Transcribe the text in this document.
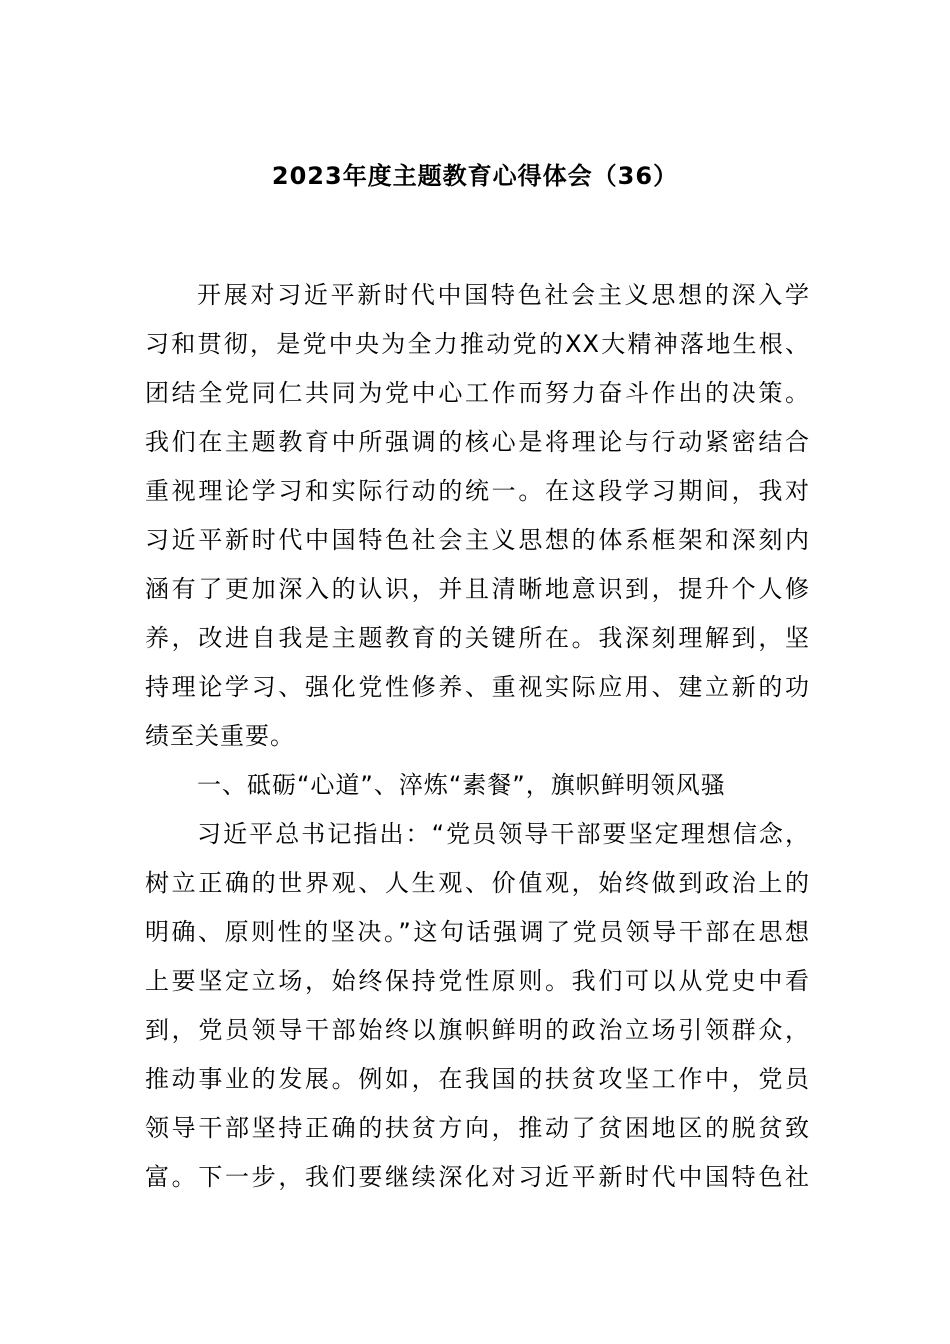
2023年度主题教育心得体会（36）
开展对习近平新时代中国特色社会主义思想的深入学
习和贯彻，是党中央为全力推动党的XX大精神落地生根、
团结全党同仁共同为党中心工作而努力奋斗作出的决策。
我们在主题教育中所强调的核心是将理论与行动紧密结合
重视理论学习和实际行动的统一。在这段学习期间，我对
习近平新时代中国特色社会主义思想的体系框架和深刻内
涵有了更加深入的认识，并且清晰地意识到，提升个人修
养，改进自我是主题教育的关键所在。我深刻理解到，坚
持理论学习、强化党性修养、重视实际应用、建立新的功
绩至关重要。
一、砥砺“心道”、淬炼“素餐”，旗帜鲜明领风骚
习近平总书记指出：“党员领导干部要坚定理想信念，
树立正确的世界观、人生观、价值观，始终做到政治上的
明确、原则性的坚决。”这句话强调了党员领导干部在思想
上要坚定立场，始终保持党性原则。我们可以从党史中看
到，党员领导干部始终以旗帜鲜明的政治立场引领群众，
推动事业的发展。例如，在我国的扶贫攻坚工作中，党员
领导干部坚持正确的扶贫方向，推动了贫困地区的脱贫致
富。下一步，我们要继续深化对习近平新时代中国特色社
